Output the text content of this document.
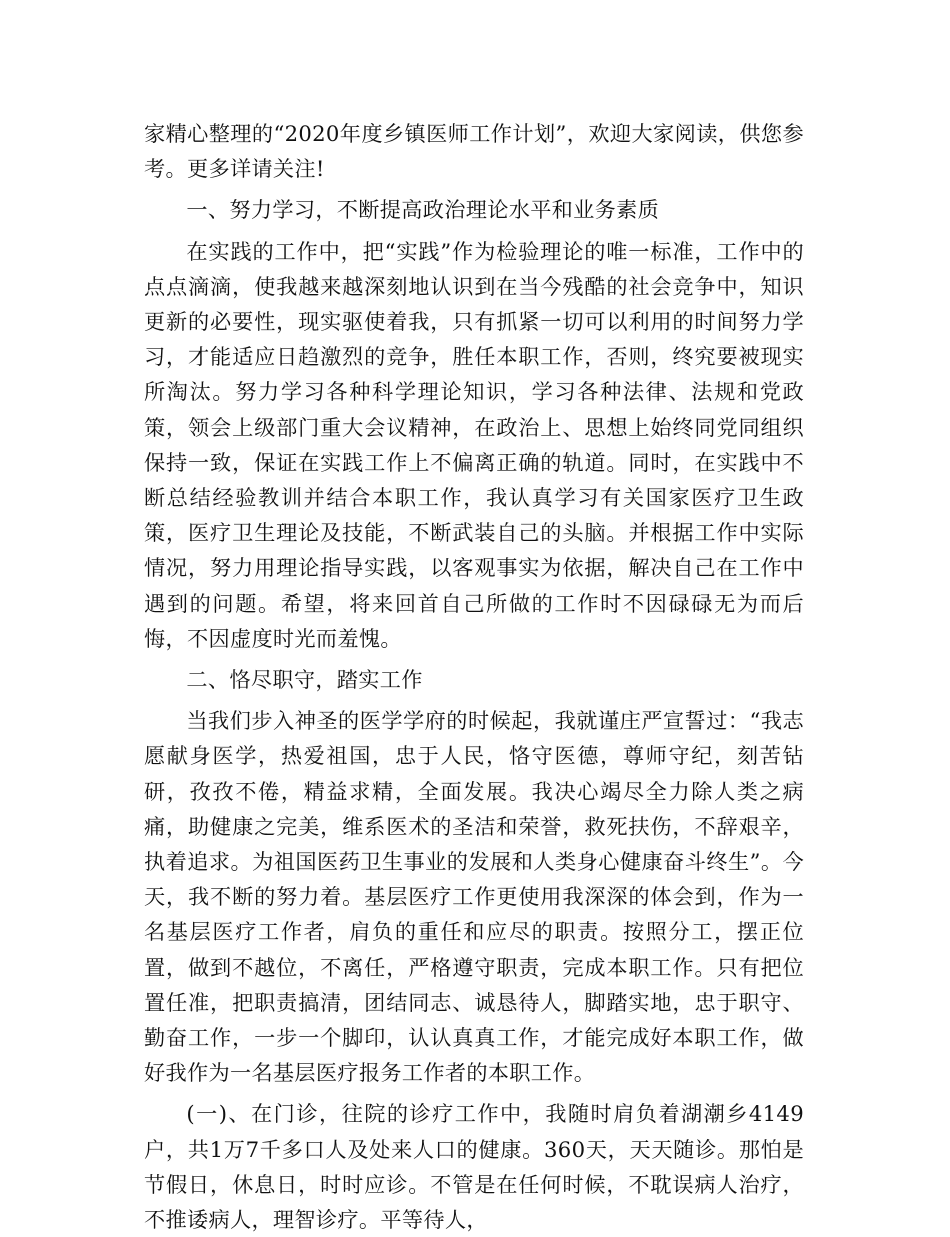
家精心整理的“2020年度乡镇医师工作计划”，欢迎大家阅读，供您参考。更多详请关注!

一、努力学习，不断提高政治理论水平和业务素质

在实践的工作中，把“实践”作为检验理论的唯一标准，工作中的点点滴滴，使我越来越深刻地认识到在当今残酷的社会竞争中，知识更新的必要性，现实驱使着我，只有抓紧一切可以利用的时间努力学习，才能适应日趋激烈的竞争，胜任本职工作，否则，终究要被现实所淘汰。努力学习各种科学理论知识，学习各种法律、法规和党政策，领会上级部门重大会议精神，在政治上、思想上始终同党同组织保持一致，保证在实践工作上不偏离正确的轨道。同时，在实践中不断总结经验教训并结合本职工作，我认真学习有关国家医疗卫生政策，医疗卫生理论及技能，不断武装自己的头脑。并根据工作中实际情况，努力用理论指导实践，以客观事实为依据，解决自己在工作中遇到的问题。希望，将来回首自己所做的工作时不因碌碌无为而后悔，不因虚度时光而羞愧。

二、恪尽职守，踏实工作

当我们步入神圣的医学学府的时候起，我就谨庄严宣誓过：“我志愿献身医学，热爱祖国，忠于人民，恪守医德，尊师守纪，刻苦钻研，孜孜不倦，精益求精，全面发展。我决心竭尽全力除人类之病痛，助健康之完美，维系医术的圣洁和荣誉，救死扶伤，不辞艰辛，执着追求。为祖国医药卫生事业的发展和人类身心健康奋斗终生”。今天，我不断的努力着。基层医疗工作更使用我深深的体会到，作为一名基层医疗工作者，肩负的重任和应尽的职责。按照分工，摆正位置，做到不越位，不离任，严格遵守职责，完成本职工作。只有把位置任准，把职责搞清，团结同志、诚恳待人，脚踏实地，忠于职守、勤奋工作，一步一个脚印，认认真真工作，才能完成好本职工作，做好我作为一名基层医疗报务工作者的本职工作。

(一)、在门诊，往院的诊疗工作中，我随时肩负着湖潮乡4149户，共1万7千多口人及处来人口的健康。360天，天天随诊。那怕是节假日，休息日，时时应诊。不管是在任何时候，不耽误病人治疗，不推诿病人，理智诊疗。平等待人，
